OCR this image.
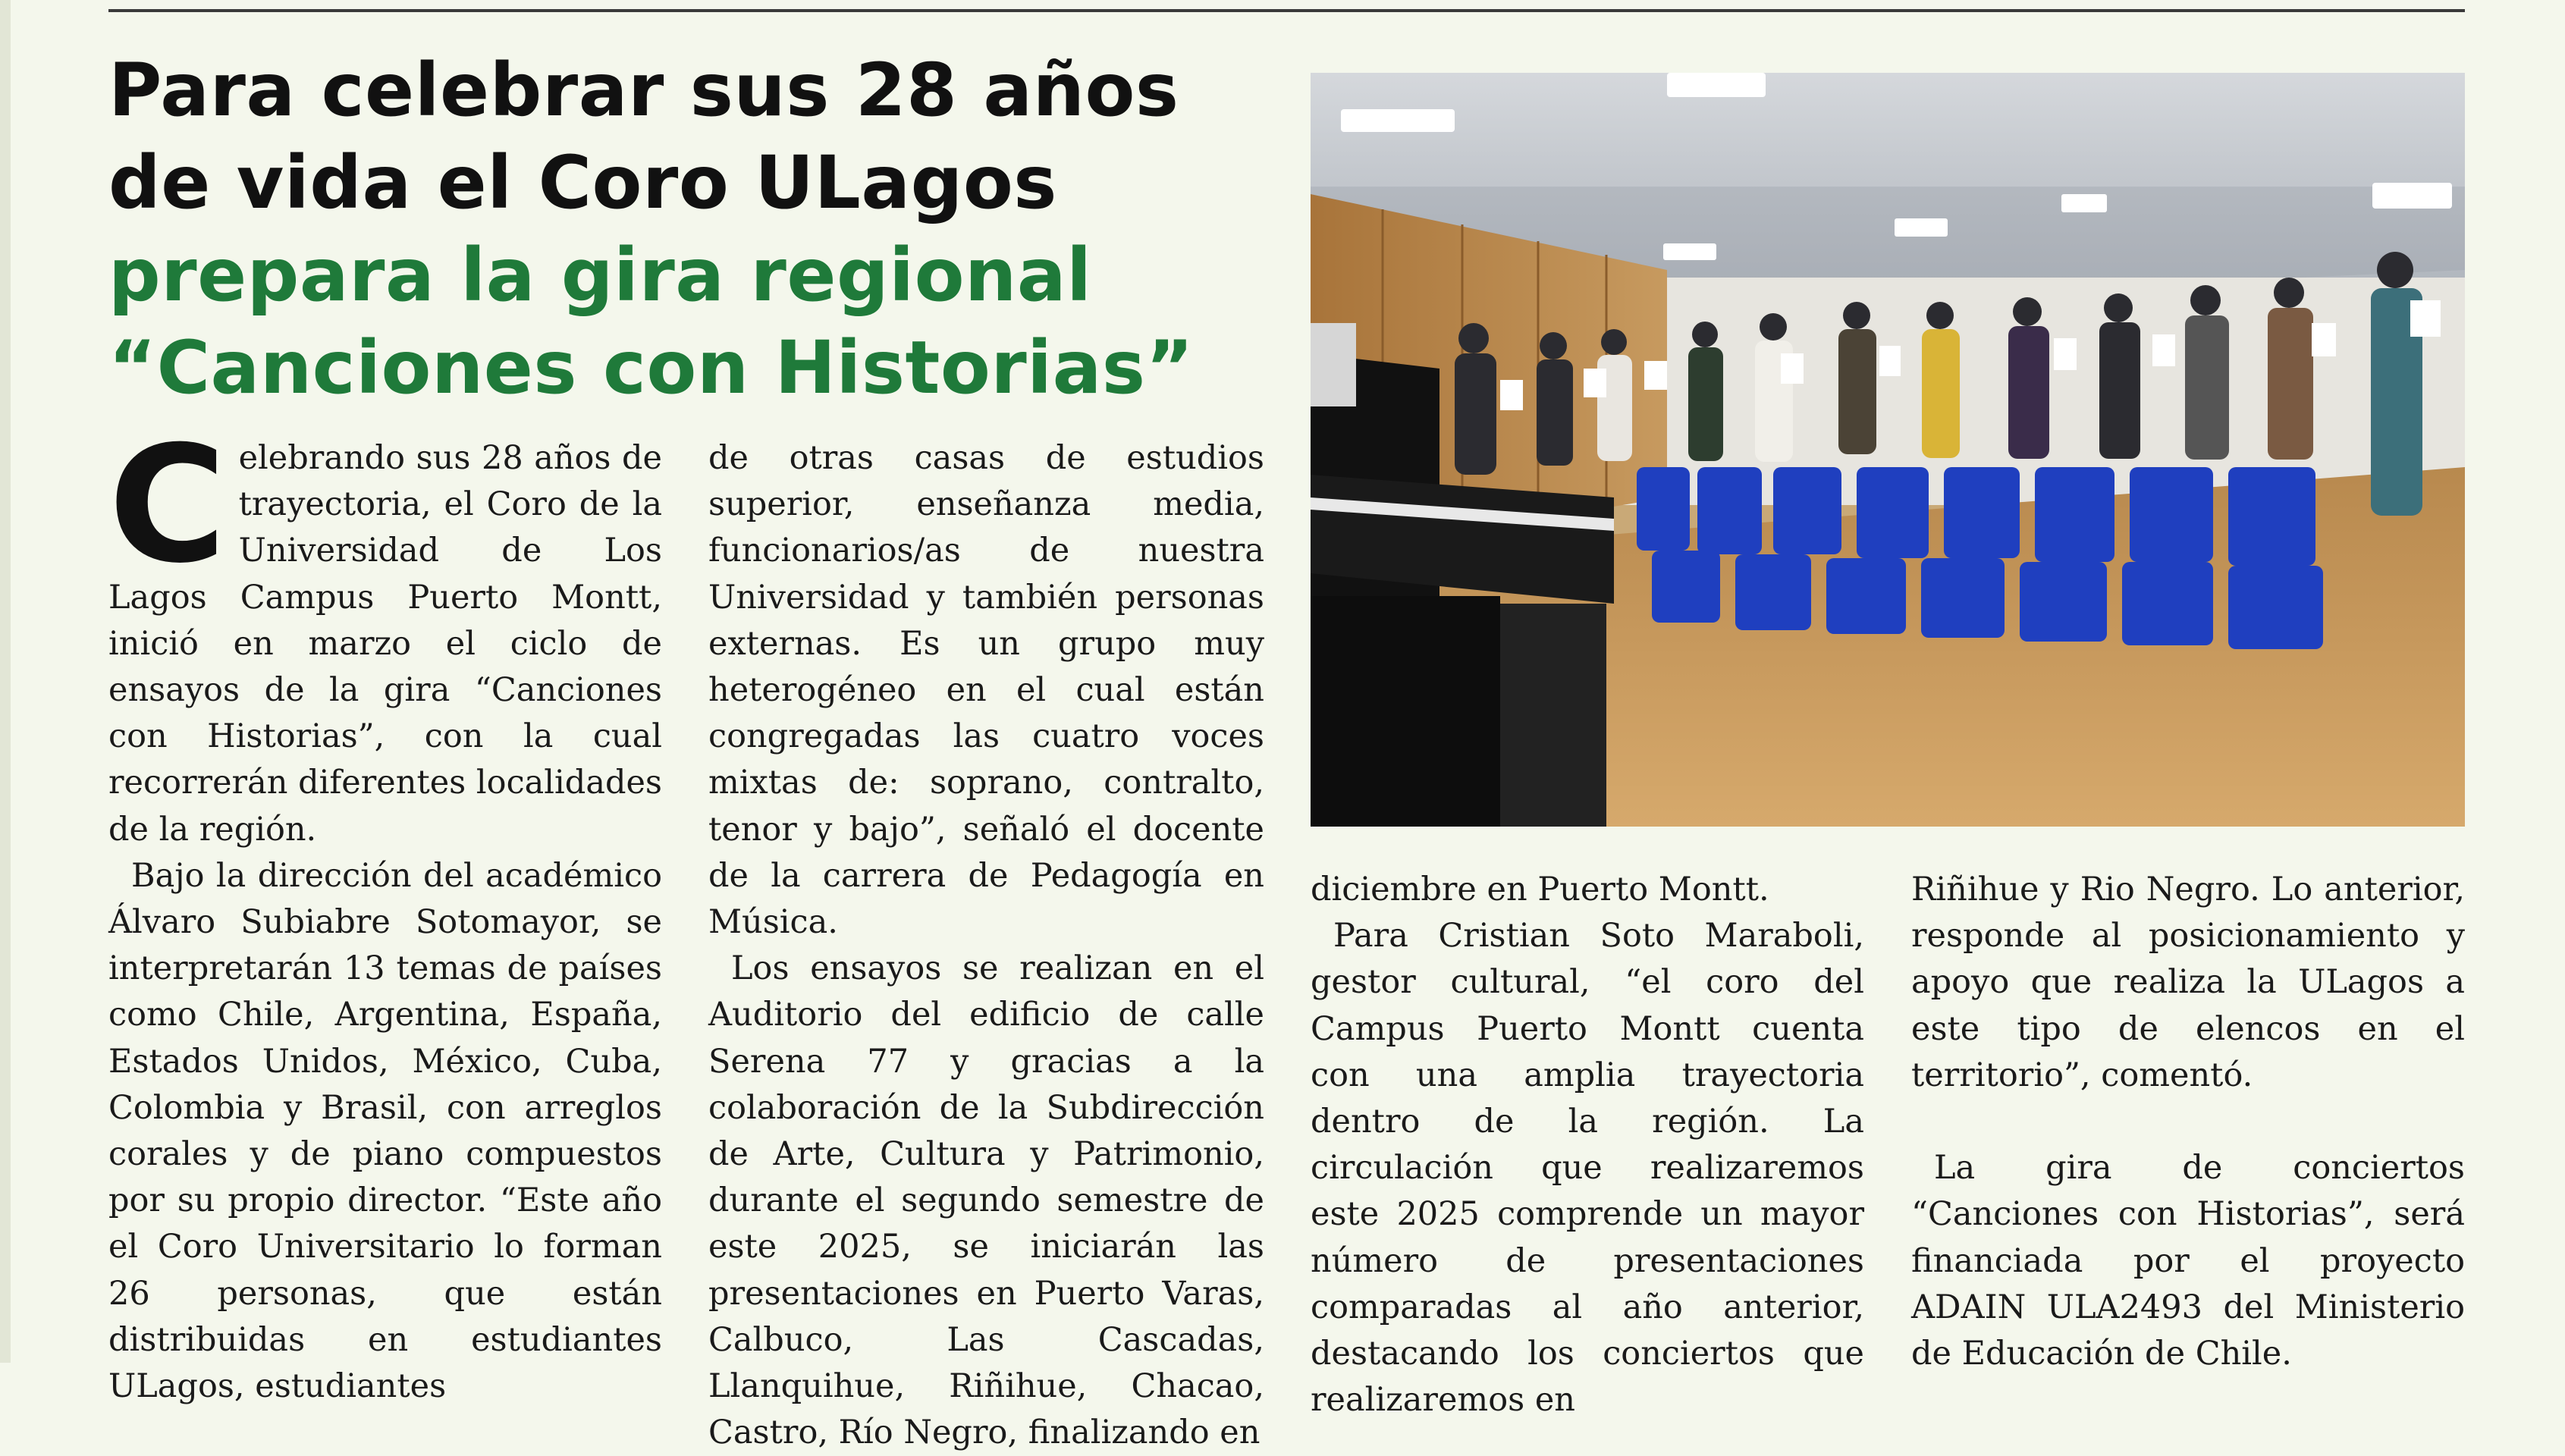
Para celebrar sus 28 años
de vida el Coro ULagos
prepara la gira regional
“Canciones con Historias”

Celebrando sus 28 años de trayectoria, el Coro de la Universidad de Los Lagos Campus Puerto Montt, inició en marzo el ciclo de ensayos de la gira “Canciones con Historias”, con la cual recorrerán diferentes localidades de la región.

Bajo la dirección del académico Álvaro Subiabre Sotomayor, se interpretarán 13 temas de países como Chile, Argentina, España, Estados Unidos, México, Cuba, Colombia y Brasil, con arreglos corales y de piano compuestos por su propio director. “Este año el Coro Universitario lo forman 26 personas, que están distribuidas en estudiantes ULagos, estudiantes

de otras casas de estudios superior, enseñanza media, funcionarios/as de nuestra Universidad y también personas externas. Es un grupo muy heterogéneo en el cual están congregadas las cuatro voces mixtas de: soprano, contralto, tenor y bajo”, señaló el docente de la carrera de Pedagogía en Música.

Los ensayos se realizan en el Auditorio del edificio de calle Serena 77 y gracias a la colaboración de la Subdirección de Arte, Cultura y Patrimonio, durante el segundo semestre de este 2025, se iniciarán las presentaciones en Puerto Varas, Calbuco, Las Cascadas, Llanquihue, Riñihue, Chacao, Castro, Río Negro, finalizando en

diciembre en Puerto Montt.

Para Cristian Soto Maraboli, gestor cultural, “el coro del Campus Puerto Montt cuenta con una amplia trayectoria dentro de la región. La circulación que realizaremos este 2025 comprende un mayor número de presentaciones comparadas al año anterior, destacando los conciertos que realizaremos en

Riñihue y Rio Negro. Lo anterior, responde al posicionamiento y apoyo que realiza la ULagos a este tipo de elencos en el territorio”, comentó.

La gira de conciertos “Canciones con Historias”, será financiada por el proyecto ADAIN ULA2493 del Ministerio de Educación de Chile.
